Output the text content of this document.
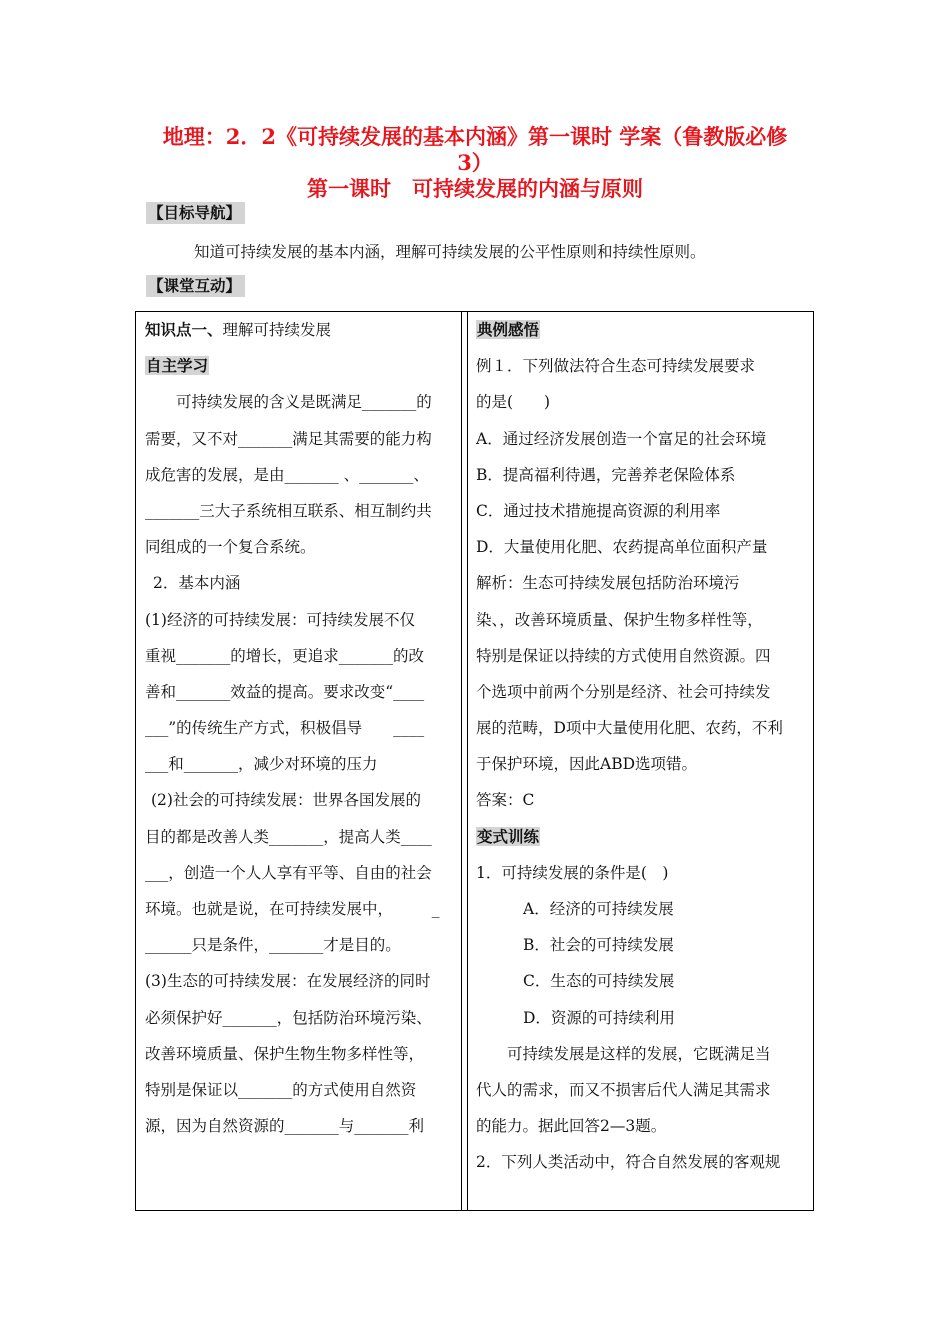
地理：2．2《可持续发展的基本内涵》第一课时 学案（鲁教版必修
3）
第一课时　可持续发展的内涵与原则
【目标导航】
知道可持续发展的基本内涵，理解可持续发展的公平性原则和持续性原则。
【课堂互动】
知识点一、理解可持续发展
自主学习
可持续发展的含义是既满足_______的
需要，又不对_______满足其需要的能力构
成危害的发展，是由_______ 、_______、
_______三大子系统相互联系、相互制约共
同组成的一个复合系统。
2．基本内涵
(1)经济的可持续发展：可持续发展不仅
重视_______的增长，更追求_______的改
善和_______效益的提高。要求改变“____
___”的传统生产方式，积极倡导　　____
___和_______，减少对环境的压力
(2)社会的可持续发展：世界各国发展的
目的都是改善人类_______，提高人类____
___，创造一个人人享有平等、自由的社会
环境。也就是说，在可持续发展中，　　　_
______只是条件，_______才是目的。
(3)生态的可持续发展：在发展经济的同时
必须保护好_______，包括防治环境污染、
改善环境质量、保护生物生物多样性等，
特别是保证以_______的方式使用自然资
源，因为自然资源的_______与_______利
典例感悟
例１．下列做法符合生态可持续发展要求
的是(　　)
A．通过经济发展创造一个富足的社会环境
B．提高福利待遇，完善养老保险体系
C．通过技术措施提高资源的利用率
D．大量使用化肥、农药提高单位面积产量
解析：生态可持续发展包括防治环境污
染、，改善环境质量、保护生物多样性等，
特别是保证以持续的方式使用自然资源。四
个选项中前两个分别是经济、社会可持续发
展的范畴，D项中大量使用化肥、农药，不利
于保护环境，因此ABD选项错。
答案：C
变式训练
1．可持续发展的条件是(　)
A．经济的可持续发展
B．社会的可持续发展
C．生态的可持续发展
D．资源的可持续利用
可持续发展是这样的发展，它既满足当
代人的需求，而又不损害后代人满足其需求
的能力。据此回答2—3题。
2．下列人类活动中，符合自然发展的客观规
